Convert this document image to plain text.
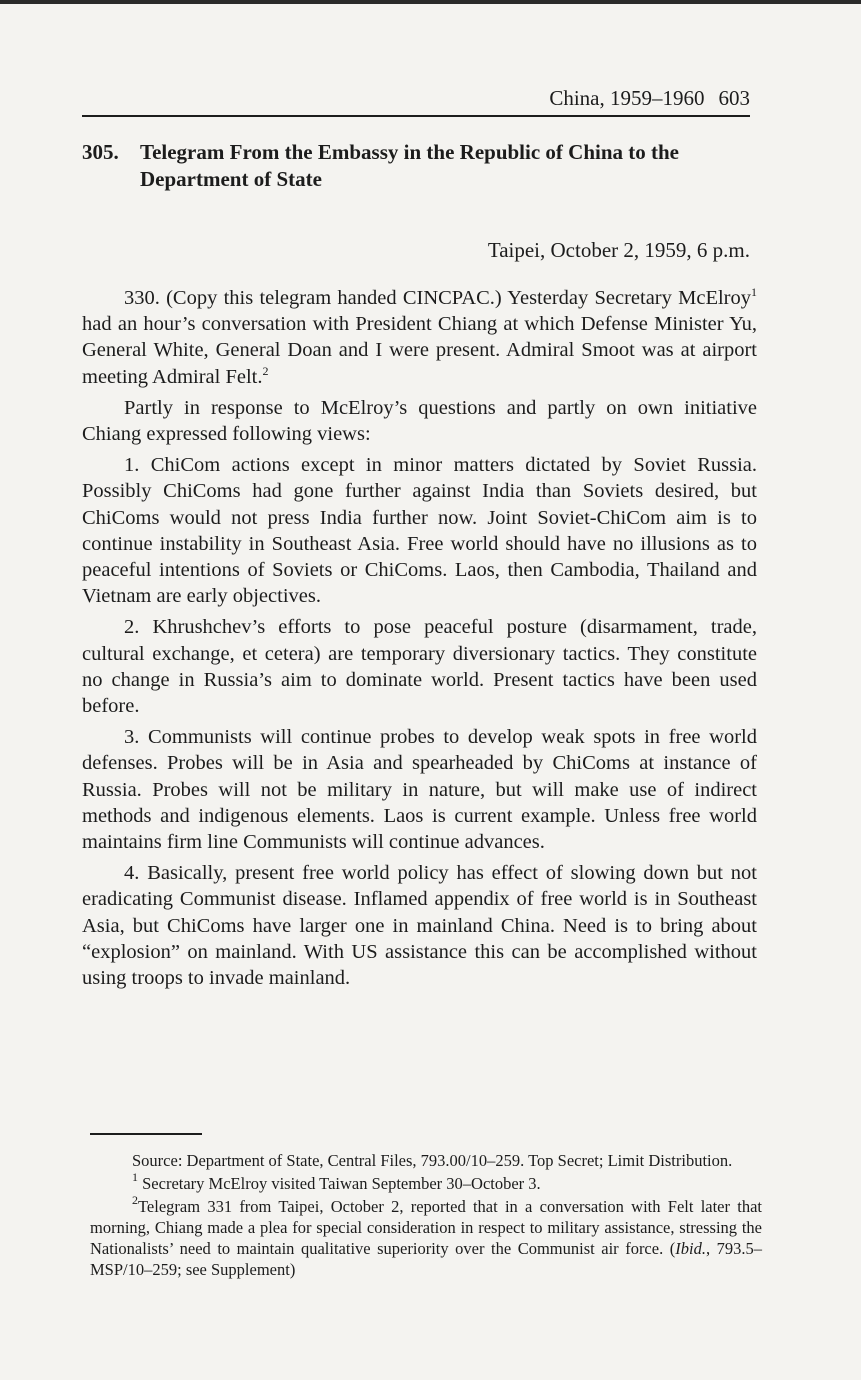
China, 1959–1960 603
305. Telegram From the Embassy in the Republic of China to the Department of State
Taipei, October 2, 1959, 6 p.m.

330. (Copy this telegram handed CINCPAC.) Yesterday Secretary McElroy$^1$ had an hour’s conversation with President Chiang at which Defense Minister Yu, General White, General Doan and I were present. Admiral Smoot was at airport meeting Admiral Felt.$^2$

Partly in response to McElroy’s questions and partly on own initiative Chiang expressed following views:

1. ChiCom actions except in minor matters dictated by Soviet Russia. Possibly ChiComs had gone further against India than Soviets desired, but ChiComs would not press India further now. Joint Soviet-ChiCom aim is to continue instability in Southeast Asia. Free world should have no illusions as to peaceful intentions of Soviets or ChiComs. Laos, then Cambodia, Thailand and Vietnam are early objectives.

2. Khrushchev’s efforts to pose peaceful posture (disarmament, trade, cultural exchange, et cetera) are temporary diversionary tactics. They constitute no change in Russia’s aim to dominate world. Present tactics have been used before.

3. Communists will continue probes to develop weak spots in free world defenses. Probes will be in Asia and spearheaded by ChiComs at instance of Russia. Probes will not be military in nature, but will make use of indirect methods and indigenous elements. Laos is current example. Unless free world maintains firm line Communists will continue advances.

4. Basically, present free world policy has effect of slowing down but not eradicating Communist disease. Inflamed appendix of free world is in Southeast Asia, but ChiComs have larger one in mainland China. Need is to bring about “explosion” on mainland. With US assistance this can be accomplished without using troops to invade mainland.

Source: Department of State, Central Files, 793.00/10–259. Top Secret; Limit Distribution.

$^1$ Secretary McElroy visited Taiwan September 30–October 3.

$^2$Telegram 331 from Taipei, October 2, reported that in a conversation with Felt later that morning, Chiang made a plea for special consideration in respect to military assistance, stressing the Nationalists’ need to maintain qualitative superiority over the Communist air force. (Ibid., 793.5–MSP/10–259; see Supplement)
